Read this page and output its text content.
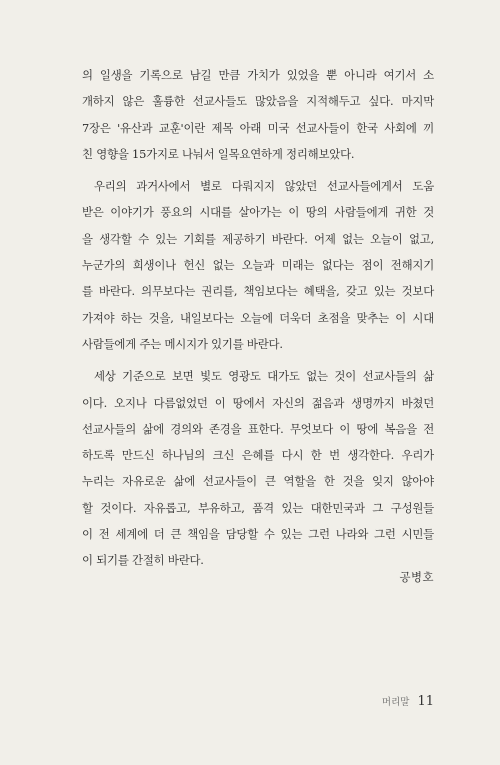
의 일생을 기록으로 남길 만큼 가치가 있었을 뿐 아니라 여기서 소
개하지 않은 훌륭한 선교사들도 많았음을 지적해두고 싶다. 마지막
7장은 '유산과 교훈'이란 제목 아래 미국 선교사들이 한국 사회에 끼
친 영향을 15가지로 나눠서 일목요연하게 정리해보았다.
우리의 과거사에서 별로 다뤄지지 않았던 선교사들에게서 도움
받은 이야기가 풍요의 시대를 살아가는 이 땅의 사람들에게 귀한 것
을 생각할 수 있는 기회를 제공하기 바란다. 어제 없는 오늘이 없고,
누군가의 희생이나 헌신 없는 오늘과 미래는 없다는 점이 전해지기
를 바란다. 의무보다는 권리를, 책임보다는 혜택을, 갖고 있는 것보다
가져야 하는 것을, 내일보다는 오늘에 더욱더 초점을 맞추는 이 시대
사람들에게 주는 메시지가 있기를 바란다.
세상 기준으로 보면 빛도 영광도 대가도 없는 것이 선교사들의 삶
이다. 오지나 다름없었던 이 땅에서 자신의 젊음과 생명까지 바쳤던
선교사들의 삶에 경의와 존경을 표한다. 무엇보다 이 땅에 복음을 전
하도록 만드신 하나님의 크신 은혜를 다시 한 번 생각한다. 우리가
누리는 자유로운 삶에 선교사들이 큰 역할을 한 것을 잊지 않아야
할 것이다. 자유롭고, 부유하고, 품격 있는 대한민국과 그 구성원들
이 전 세계에 더 큰 책임을 담당할 수 있는 그런 나라와 그런 시민들
이 되기를 간절히 바란다.
공병호
머리말 11
